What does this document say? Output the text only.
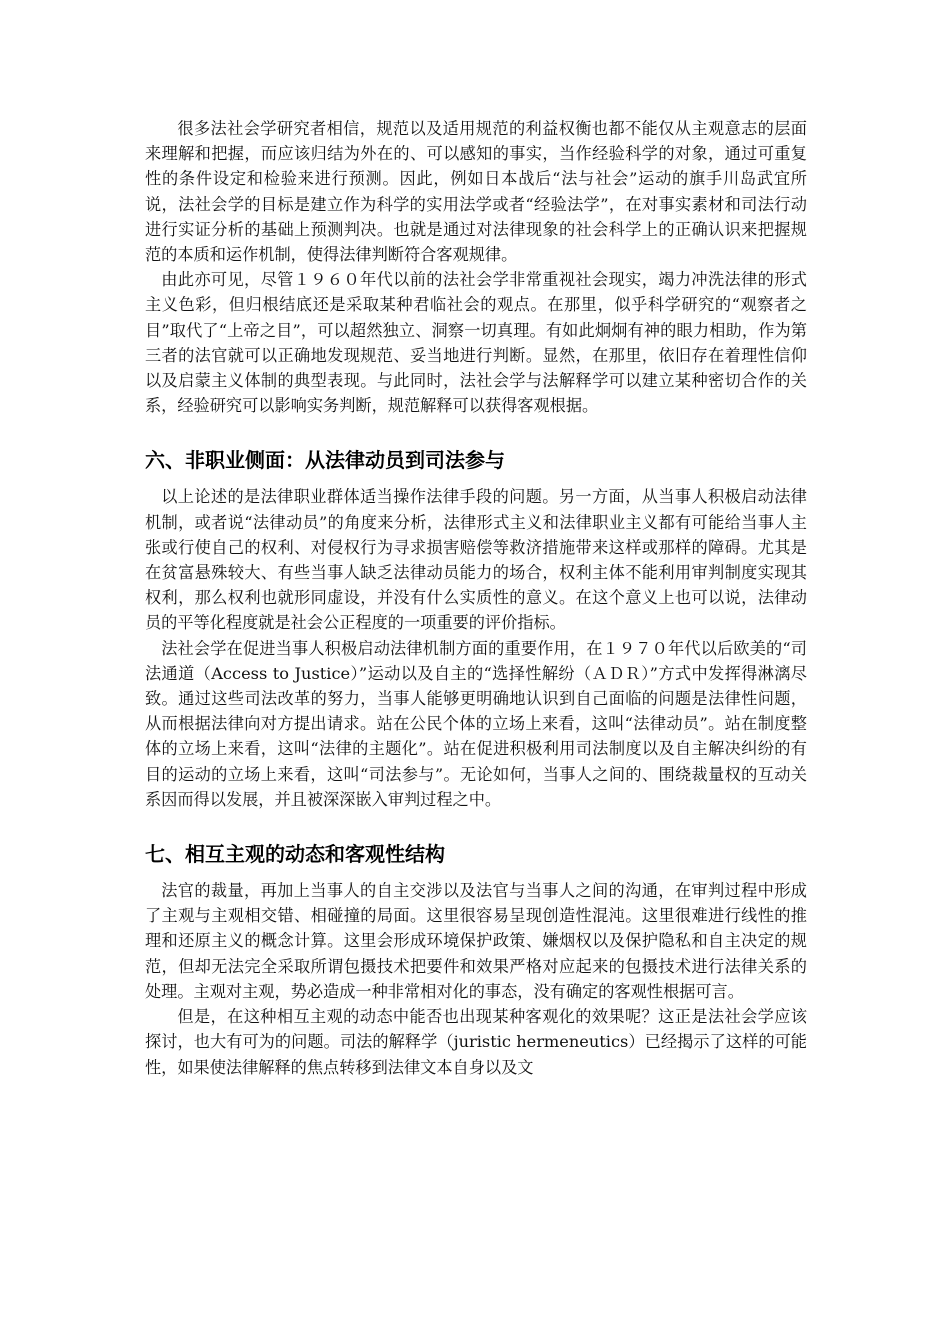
很多法社会学研究者相信，规范以及适用规范的利益权衡也都不能仅从主观意志的层面来理解和把握，而应该归结为外在的、可以感知的事实，当作经验科学的对象，通过可重复性的条件设定和检验来进行预测。因此，例如日本战后“法与社会”运动的旗手川岛武宜所说，法社会学的目标是建立作为科学的实用法学或者“经验法学”，在对事实素材和司法行动进行实证分析的基础上预测判决。也就是通过对法律现象的社会科学上的正确认识来把握规范的本质和运作机制，使得法律判断符合客观规律。

由此亦可见，尽管１９６０年代以前的法社会学非常重视社会现实，竭力冲洗法律的形式主义色彩，但归根结底还是采取某种君临社会的观点。在那里，似乎科学研究的“观察者之目”取代了“上帝之目”，可以超然独立、洞察一切真理。有如此炯炯有神的眼力相助，作为第三者的法官就可以正确地发现规范、妥当地进行判断。显然，在那里，依旧存在着理性信仰以及启蒙主义体制的典型表现。与此同时，法社会学与法解释学可以建立某种密切合作的关系，经验研究可以影响实务判断，规范解释可以获得客观根据。

六、非职业侧面：从法律动员到司法参与

以上论述的是法律职业群体适当操作法律手段的问题。另一方面，从当事人积极启动法律机制，或者说“法律动员”的角度来分析，法律形式主义和法律职业主义都有可能给当事人主张或行使自己的权利、对侵权行为寻求损害赔偿等救济措施带来这样或那样的障碍。尤其是在贫富悬殊较大、有些当事人缺乏法律动员能力的场合，权利主体不能利用审判制度实现其权利，那么权利也就形同虚设，并没有什么实质性的意义。在这个意义上也可以说，法律动员的平等化程度就是社会公正程度的一项重要的评价指标。

法社会学在促进当事人积极启动法律机制方面的重要作用，在１９７０年代以后欧美的“司法通道（Access to Justice）”运动以及自主的“选择性解纷（ＡＤＲ）”方式中发挥得淋漓尽致。通过这些司法改革的努力，当事人能够更明确地认识到自己面临的问题是法律性问题，从而根据法律向对方提出请求。站在公民个体的立场上来看，这叫“法律动员”。站在制度整体的立场上来看，这叫“法律的主题化”。站在促进积极利用司法制度以及自主解决纠纷的有目的运动的立场上来看，这叫“司法参与”。无论如何，当事人之间的、围绕裁量权的互动关系因而得以发展，并且被深深嵌入审判过程之中。

七、相互主观的动态和客观性结构

法官的裁量，再加上当事人的自主交涉以及法官与当事人之间的沟通，在审判过程中形成了主观与主观相交错、相碰撞的局面。这里很容易呈现创造性混沌。这里很难进行线性的推理和还原主义的概念计算。这里会形成环境保护政策、嫌烟权以及保护隐私和自主决定的规范，但却无法完全采取所谓包摄技术把要件和效果严格对应起来的包摄技术进行法律关系的处理。主观对主观，势必造成一种非常相对化的事态，没有确定的客观性根据可言。

但是，在这种相互主观的动态中能否也出现某种客观化的效果呢？这正是法社会学应该探讨，也大有可为的问题。司法的解释学（juristic hermeneutics）已经揭示了这样的可能性，如果使法律解释的焦点转移到法律文本自身以及文
